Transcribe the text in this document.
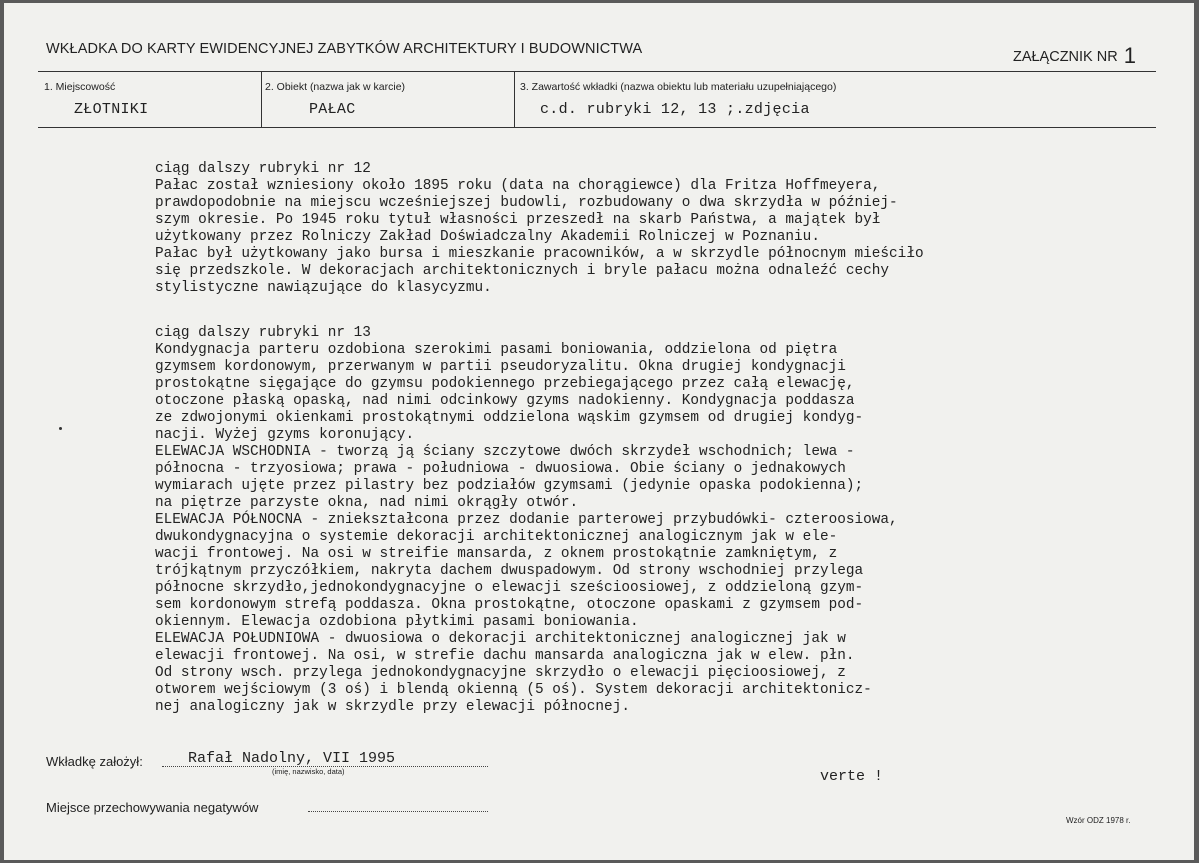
WKŁADKA DO KARTY EWIDENCYJNEJ ZABYTKÓW ARCHITEKTURY I BUDOWNICTWA	ZAŁĄCZNIK NR 1
1. Miejscowość
ZŁOTNIKI
2. Obiekt (nazwa jak w karcie)
PAŁAC
3. Zawartość wkładki (nazwa obiektu lub materiału uzupełniającego)
c.d. rubryki 12, 13 ;.zdjęcia
ciąg dalszy rubryki nr 12
Pałac został wzniesiony około 1895 roku (data na chorągiewce) dla Fritza Hoffmeyera,
prawdopodobnie na miejscu wcześniejszej budowli, rozbudowany o dwa skrzydła w później-
szym okresie. Po 1945 roku tytuł własności przeszedł na skarb Państwa, a majątek był
użytkowany przez Rolniczy Zakład Doświadczalny Akademii Rolniczej w Poznaniu.
Pałac był użytkowany jako bursa i mieszkanie pracowników, a w skrzydle północnym mieściło
się przedszkole. W dekoracjach architektonicznych i bryle pałacu można odnaleźć cechy
stylistyczne nawiązujące do klasycyzmu.
ciąg dalszy rubryki nr 13
Kondygnacja parteru ozdobiona szerokimi pasami boniowania, oddzielona od piętra
gzymsem kordonowym, przerwanym w partii pseudoryzalitu. Okna drugiej kondygnacji
prostokątne sięgające do gzymsu podokiennego przebiegającego przez całą elewację,
otoczone płaską opaską, nad nimi odcinkowy gzyms nadokienny. Kondygnacja poddasza
ze zdwojonymi okienkami prostokątnymi oddzielona wąskim gzymsem od drugiej kondyg-
nacji. Wyżej gzyms koronujący.
ELEWACJA WSCHODNIA - tworzą ją ściany szczytowe dwóch skrzydeł wschodnich; lewa -
północna - trzyosiowa; prawa - południowa - dwuosiowa. Obie ściany o jednakowych
wymiarach ujęte przez pilastry bez podziałów gzymsami (jedynie opaska podokienna);
na piętrze parzyste okna, nad nimi okrągły otwór.
ELEWACJA PÓŁNOCNA - zniekształcona przez dodanie parterowej przybudówki- czteroosiowa,
dwukondygnacyjna o systemie dekoracji architektonicznej analogicznym jak w ele-
wacji frontowej. Na osi w streifie mansarda, z oknem prostokątnie zamkniętym, z
trójkątnym przyczółkiem, nakryta dachem dwuspadowym. Od strony wschodniej przylega
północne skrzydło,jednokondygnacyjne o elewacji sześcioosiowej, z oddzieloną gzym-
sem kordonowym strefą poddasza. Okna prostokątne, otoczone opaskami z gzymsem pod-
okiennym. Elewacja ozdobiona płytkimi pasami boniowania.
ELEWACJA POŁUDNIOWA - dwuosiowa o dekoracji architektonicznej analogicznej jak w
elewacji frontowej. Na osi, w strefie dachu mansarda analogiczna jak w elew. płn.
Od strony wsch. przylega jednokondygnacyjne skrzydło o elewacji pięcioosiowej, z
otworem wejściowym (3 oś) i blendą okienną (5 oś). System dekoracji architektonicz-
nej analogiczny jak w skrzydle przy elewacji północnej.
Wkładkę założył:	Rafał Nadolny, VII 1995
(imię, nazwisko, data)	verte !
Miejsce przechowywania negatywów
Wzór ODZ 1978 r.
